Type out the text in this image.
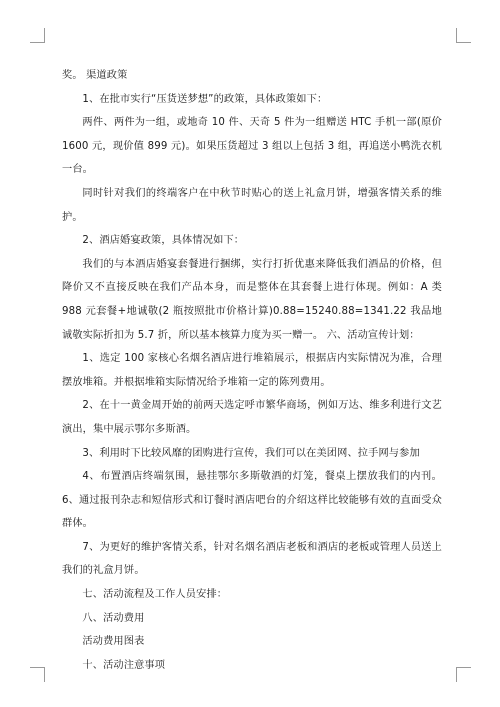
奖。 渠道政策

1、在批市实行“压货送梦想”的政策，具体政策如下：

两件、两件为一组，或地奇 10 件、天奇 5 件为一组赠送 HTC 手机一部(原价 1600 元，现价值 899 元)。如果压货超过 3 组以上包括 3 组，再追送小鸭洗衣机一台。

同时针对我们的终端客户在中秋节时贴心的送上礼盒月饼，增强客情关系的维护。

2、酒店婚宴政策，具体情况如下：

我们的与本酒店婚宴套餐进行捆绑，实行打折优惠来降低我们酒品的价格，但降价又不直接反映在我们产品本身，而是整体在其套餐上进行体现。例如：A 类 988 元套餐+地诚敬(2 瓶按照批市价格计算)0.88=15240.88=1341.22 我品地诚敬实际折扣为 5.7 折，所以基本核算力度为买一赠一。 六、活动宣传计划：

1、选定 100 家核心名烟名酒店进行堆箱展示，根据店内实际情况为准，合理摆放堆箱。并根据堆箱实际情况给予堆箱一定的陈列费用。

2、在十一黄金周开始的前两天选定呼市繁华商场，例如万达、维多利进行文艺演出，集中展示鄂尔多斯酒。

3、利用时下比较风靡的团购进行宣传，我们可以在美团网、拉手网与参加

4、布置酒店终端氛围，悬挂鄂尔多斯敬酒的灯笼，餐桌上摆放我们的内刊。 6、通过报刊杂志和短信形式和订餐时酒店吧台的介绍这样比较能够有效的直面受众群体。

7、为更好的维护客情关系，针对名烟名酒店老板和酒店的老板或管理人员送上我们的礼盒月饼。

七、活动流程及工作人员安排：

八、活动费用

活动费用图表

十、活动注意事项
